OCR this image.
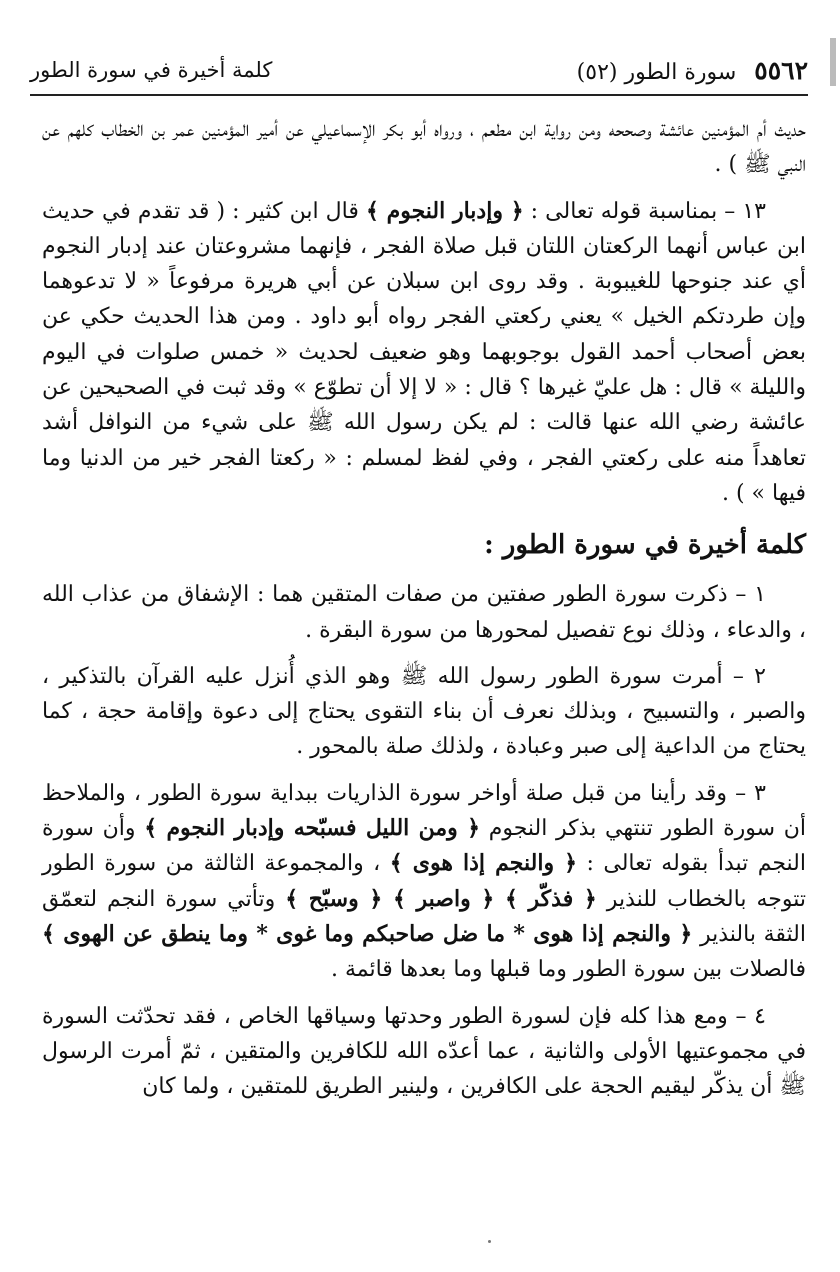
٥٥٦٢سورة الطور (٥٢)
كلمة أخيرة في سورة الطور

حديث أم المؤمنين عائشة وصححه ومن رواية ابن مطعم ، ورواه أبو بكر الإسماعيلي عن أمير المؤمنين عمر بن الخطاب كلهم عن النبي ﷺ ) .

١٣ – بمناسبة قوله تعالى : ﴿ وإدبار النجوم ﴾ قال ابن كثير : ( قد تقدم في حديث ابن عباس أنهما الركعتان اللتان قبل صلاة الفجر ، فإنهما مشروعتان عند إدبار النجوم أي عند جنوحها للغيبوبة . وقد روى ابن سبلان عن أبي هريرة مرفوعاً « لا تدعوهما وإن طردتكم الخيل » يعني ركعتي الفجر رواه أبو داود . ومن هذا الحديث حكي عن بعض أصحاب أحمد القول بوجوبهما وهو ضعيف لحديث « خمس صلوات في اليوم والليلة » قال : هل عليّ غيرها ؟ قال : « لا إلا أن تطوّع » وقد ثبت في الصحيحين عن عائشة رضي الله عنها قالت : لم يكن رسول الله ﷺ على شيء من النوافل أشد تعاهداً منه على ركعتي الفجر ، وفي لفظ لمسلم : « ركعتا الفجر خير من الدنيا وما فيها » ) .

كلمة أخيرة في سورة الطور :

١ – ذكرت سورة الطور صفتين من صفات المتقين هما : الإشفاق من عذاب الله ، والدعاء ، وذلك نوع تفصيل لمحورها من سورة البقرة .

٢ – أمرت سورة الطور رسول الله ﷺ وهو الذي أُنزل عليه القرآن بالتذكير ، والصبر ، والتسبيح ، وبذلك نعرف أن بناء التقوى يحتاج إلى دعوة وإقامة حجة ، كما يحتاج من الداعية إلى صبر وعبادة ، ولذلك صلة بالمحور .

٣ – وقد رأينا من قبل صلة أواخر سورة الذاريات ببداية سورة الطور ، والملاحظ أن سورة الطور تنتهي بذكر النجوم ﴿ ومن الليل فسبّحه وإدبار النجوم ﴾ وأن سورة النجم تبدأ بقوله تعالى : ﴿ والنجم إذا هوى ﴾ ، والمجموعة الثالثة من سورة الطور تتوجه بالخطاب للنذير ﴿ فذكّر ﴾ ﴿ واصبر ﴾ ﴿ وسبّح ﴾ وتأتي سورة النجم لتعمّق الثقة بالنذير ﴿ والنجم إذا هوى * ما ضل صاحبكم وما غوى * وما ينطق عن الهوى ﴾ فالصلات بين سورة الطور وما قبلها وما بعدها قائمة .

٤ – ومع هذا كله فإن لسورة الطور وحدتها وسياقها الخاص ، فقد تحدّثت السورة في مجموعتيها الأولى والثانية ، عما أعدّه الله للكافرين والمتقين ، ثمّ أمرت الرسول ﷺ أن يذكّر ليقيم الحجة على الكافرين ، ولينير الطريق للمتقين ، ولما كان
